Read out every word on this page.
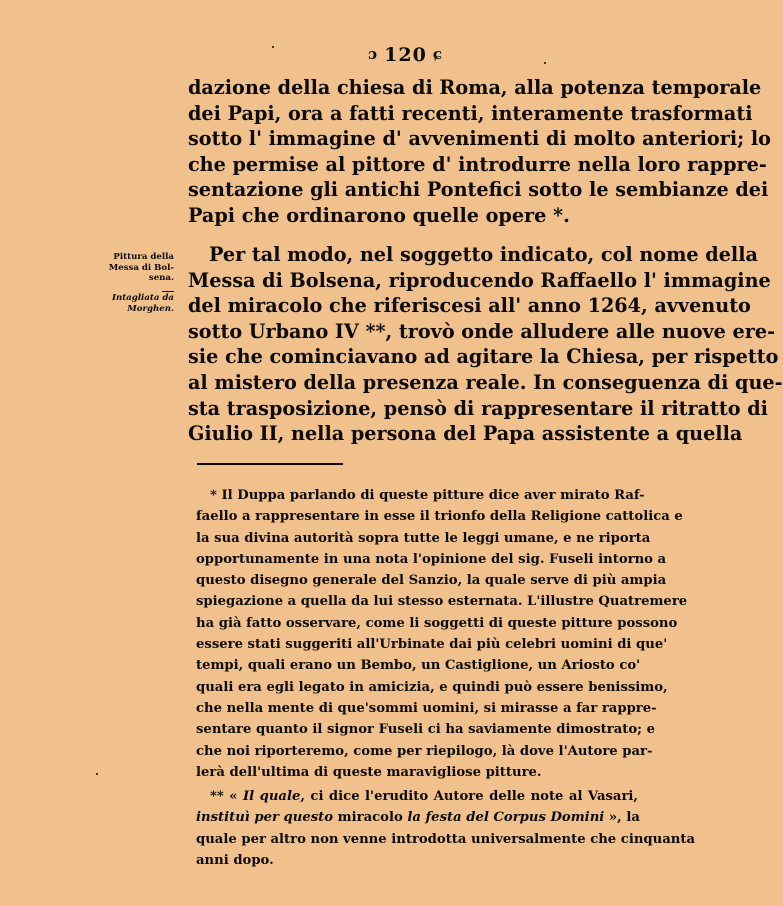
ɔ 120 ɕ
dazione della chiesa di Roma, alla potenza temporale
dei Papi, ora a fatti recenti, interamente trasformati
sotto l' immagine d' avvenimenti di molto anteriori; lo
che permise al pittore d' introdurre nella loro rappre-
sentazione gli antichi Pontefici sotto le sembianze dei
Papi che ordinarono quelle opere *.
Pittura della
Messa di Bol-
sena.
Intagliata da
Morghen.
Per tal modo, nel soggetto indicato, col nome della
Messa di Bolsena, riproducendo Raffaello l' immagine
del miracolo che riferiscesi all' anno 1264, avvenuto
sotto Urbano IV **, trovò onde alludere alle nuove ere-
sie che cominciavano ad agitare la Chiesa, per rispetto
al mistero della presenza reale. In conseguenza di que-
sta trasposizione, pensò di rappresentare il ritratto di
Giulio II, nella persona del Papa assistente a quella
* Il Duppa parlando di queste pitture dice aver mirato Raf-
faello a rappresentare in esse il trionfo della Religione cattolica e
la sua divina autorità sopra tutte le leggi umane, e ne riporta
opportunamente in una nota l'opinione del sig. Fuseli intorno a
questo disegno generale del Sanzio, la quale serve di più ampia
spiegazione a quella da lui stesso esternata. L'illustre Quatremere
ha già fatto osservare, come li soggetti di queste pitture possono
essere stati suggeriti all'Urbinate dai più celebri uomini di que'
tempi, quali erano un Bembo, un Castiglione, un Ariosto co'
quali era egli legato in amicizia, e quindi può essere benissimo,
che nella mente di que'sommi uomini, si mirasse a far rappre-
sentare quanto il signor Fuseli ci ha saviamente dimostrato; e
che noi riporteremo, come per riepilogo, là dove l'Autore par-
lerà dell'ultima di queste maravigliose pitture.
** « Il quale, ci dice l'erudito Autore delle note al Vasari,
instituì per questo miracolo la festa del Corpus Domini », la
quale per altro non venne introdotta universalmente che cinquanta
anni dopo.
